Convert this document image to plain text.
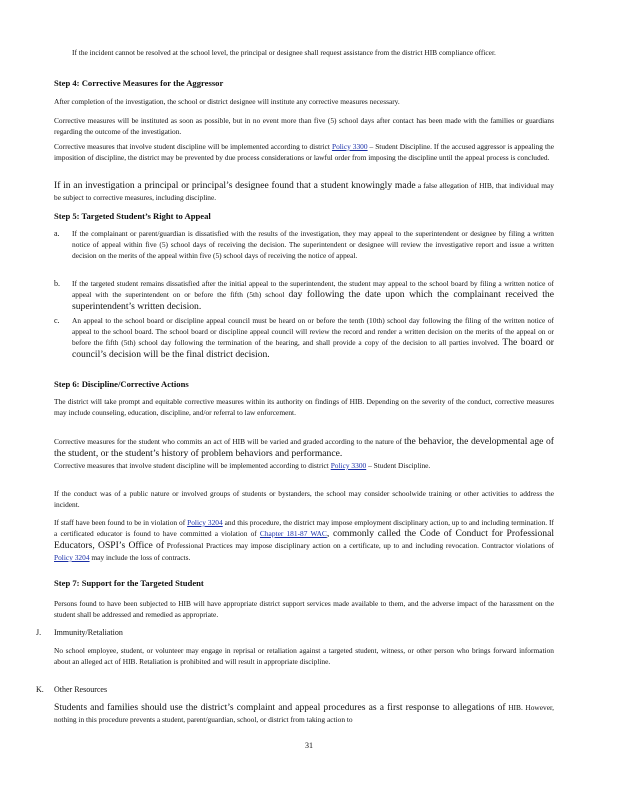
If the incident cannot be resolved at the school level, the principal or designee shall request assistance from the district HIB compliance officer.

Step 4: Corrective Measures for the Aggressor

After completion of the investigation, the school or district designee will institute any corrective measures necessary.

Corrective measures will be instituted as soon as possible, but in no event more than five (5) school days after contact has been made with the families or guardians regarding the outcome of the investigation.

Corrective measures that involve student discipline will be implemented according to district Policy 3300 – Student Discipline. If the accused aggressor is appealing the imposition of discipline, the district may be prevented by due process considerations or lawful order from imposing the discipline until the appeal process is concluded.

If in an investigation a principal or principal’s designee found that a student knowingly made a false allegation of HIB, that individual may be subject to corrective measures, including discipline.

Step 5: Targeted Student’s Right to Appeal

a. If the complainant or parent/guardian is dissatisfied with the results of the investigation, they may appeal to the superintendent or designee by filing a written notice of appeal within five (5) school days of receiving the decision. The superintendent or designee will review the investigative report and issue a written decision on the merits of the appeal within five (5) school days of receiving the notice of appeal.

b. If the targeted student remains dissatisfied after the initial appeal to the superintendent, the student may appeal to the school board by filing a written notice of appeal with the superintendent on or before the fifth (5th) school day following the date upon which the complainant received the superintendent’s written decision.

c. An appeal to the school board or discipline appeal council must be heard on or before the tenth (10th) school day following the filing of the written notice of appeal to the school board. The school board or discipline appeal council will review the record and render a written decision on the merits of the appeal on or before the fifth (5th) school day following the termination of the hearing, and shall provide a copy of the decision to all parties involved. The board or council’s decision will be the final district decision.

Step 6: Discipline/Corrective Actions

The district will take prompt and equitable corrective measures within its authority on findings of HIB. Depending on the severity of the conduct, corrective measures may include counseling, education, discipline, and/or referral to law enforcement.

Corrective measures for the student who commits an act of HIB will be varied and graded according to the nature of the behavior, the developmental age of the student, or the student’s history of problem behaviors and performance.

Corrective measures that involve student discipline will be implemented according to district Policy 3300 – Student Discipline.

If the conduct was of a public nature or involved groups of students or bystanders, the school may consider schoolwide training or other activities to address the incident.

If staff have been found to be in violation of Policy 3204 and this procedure, the district may impose employment disciplinary action, up to and including termination. If a certificated educator is found to have committed a violation of Chapter 181-87 WAC, commonly called the Code of Conduct for Professional Educators, OSPI’s Office of Professional Practices may impose disciplinary action on a certificate, up to and including revocation. Contractor violations of Policy 3204 may include the loss of contracts.

Step 7: Support for the Targeted Student

Persons found to have been subjected to HIB will have appropriate district support services made available to them, and the adverse impact of the harassment on the student shall be addressed and remedied as appropriate.

J. Immunity/Retaliation

No school employee, student, or volunteer may engage in reprisal or retaliation against a targeted student, witness, or other person who brings forward information about an alleged act of HIB. Retaliation is prohibited and will result in appropriate discipline.

K. Other Resources

Students and families should use the district’s complaint and appeal procedures as a first response to allegations of HIB. However, nothing in this procedure prevents a student, parent/guardian, school, or district from taking action to

31
